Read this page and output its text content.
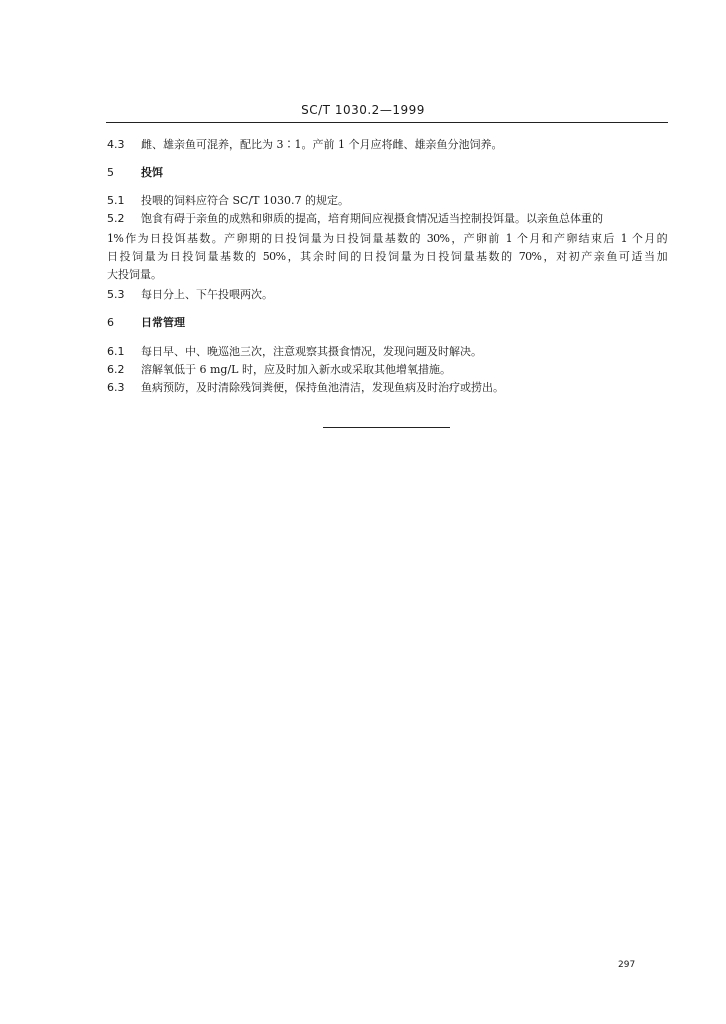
SC/T 1030.2—1999
4.3 雌、雄亲鱼可混养，配比为 3∶1。产前 1 个月应将雌、雄亲鱼分池饲养。
5 投饵
5.1 投喂的饲料应符合 SC/T 1030.7 的规定。
5.2 饱食有碍于亲鱼的成熟和卵质的提高，培育期间应视摄食情况适当控制投饵量。以亲鱼总体重的
1%作为日投饵基数。产卵期的日投饲量为日投饲量基数的 30%，产卵前 1 个月和产卵结束后 1 个月的
日投饲量为日投饲量基数的 50%，其余时间的日投饲量为日投饲量基数的 70%，对初产亲鱼可适当加
大投饲量。
5.3 每日分上、下午投喂两次。
6 日常管理
6.1 每日早、中、晚巡池三次，注意观察其摄食情况，发现问题及时解决。
6.2 溶解氧低于 6 mg/L 时，应及时加入新水或采取其他增氧措施。
6.3 鱼病预防，及时清除残饲粪便，保持鱼池清洁，发现鱼病及时治疗或捞出。
297
